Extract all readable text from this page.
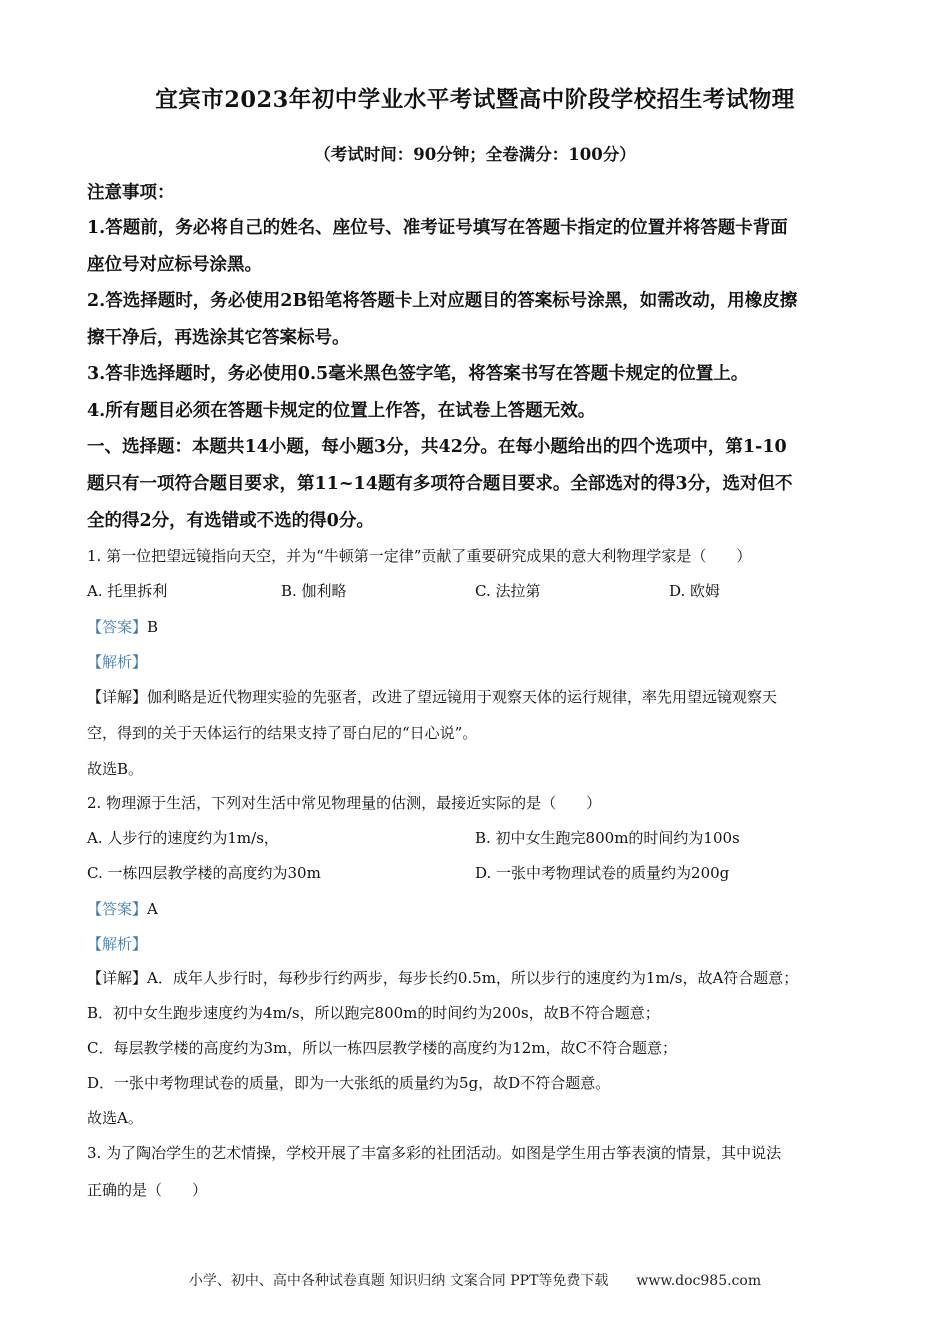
宜宾市2023年初中学业水平考试暨高中阶段学校招生考试物理
（考试时间：90分钟；全卷满分：100分）
注意事项：
1.答题前，务必将自己的姓名、座位号、准考证号填写在答题卡指定的位置并将答题卡背面
座位号对应标号涂黑。
2.答选择题时，务必使用2B铅笔将答题卡上对应题目的答案标号涂黑，如需改动，用橡皮擦
擦干净后，再选涂其它答案标号。
3.答非选择题时，务必使用0.5毫米黑色签字笔，将答案书写在答题卡规定的位置上。
4.所有题目必须在答题卡规定的位置上作答，在试卷上答题无效。
一、选择题：本题共14小题，每小题3分，共42分。在每小题给出的四个选项中，第1-10
题只有一项符合题目要求，第11~14题有多项符合题目要求。全部选对的得3分，选对但不
全的得2分，有选错或不选的得0分。
1. 第一位把望远镜指向天空，并为“牛顿第一定律”贡献了重要研究成果的意大利物理学家是（　　）
A. 托里拆利	B. 伽利略	C. 法拉第	D. 欧姆
【答案】B
【解析】
【详解】伽利略是近代物理实验的先驱者，改进了望远镜用于观察天体的运行规律，率先用望远镜观察天
空，得到的关于天体运行的结果支持了哥白尼的“日心说”。
故选B。
2. 物理源于生活，下列对生活中常见物理量的估测，最接近实际的是（　　）
A. 人步行的速度约为1m/s，	B. 初中女生跑完800m的时间约为100s
C. 一栋四层教学楼的高度约为30m	D. 一张中考物理试卷的质量约为200g
【答案】A
【解析】
【详解】A．成年人步行时，每秒步行约两步，每步长约0.5m，所以步行的速度约为1m/s，故A符合题意；
B．初中女生跑步速度约为4m/s，所以跑完800m的时间约为200s，故B不符合题意；
C．每层教学楼的高度约为3m，所以一栋四层教学楼的高度约为12m，故C不符合题意；
D．一张中考物理试卷的质量，即为一大张纸的质量约为5g，故D不符合题意。
故选A。
3. 为了陶冶学生的艺术情操，学校开展了丰富多彩的社团活动。如图是学生用古筝表演的情景，其中说法
正确的是（　　）
小学、初中、高中各种试卷真题 知识归纳 文案合同 PPT等免费下载　　www.doc985.com
